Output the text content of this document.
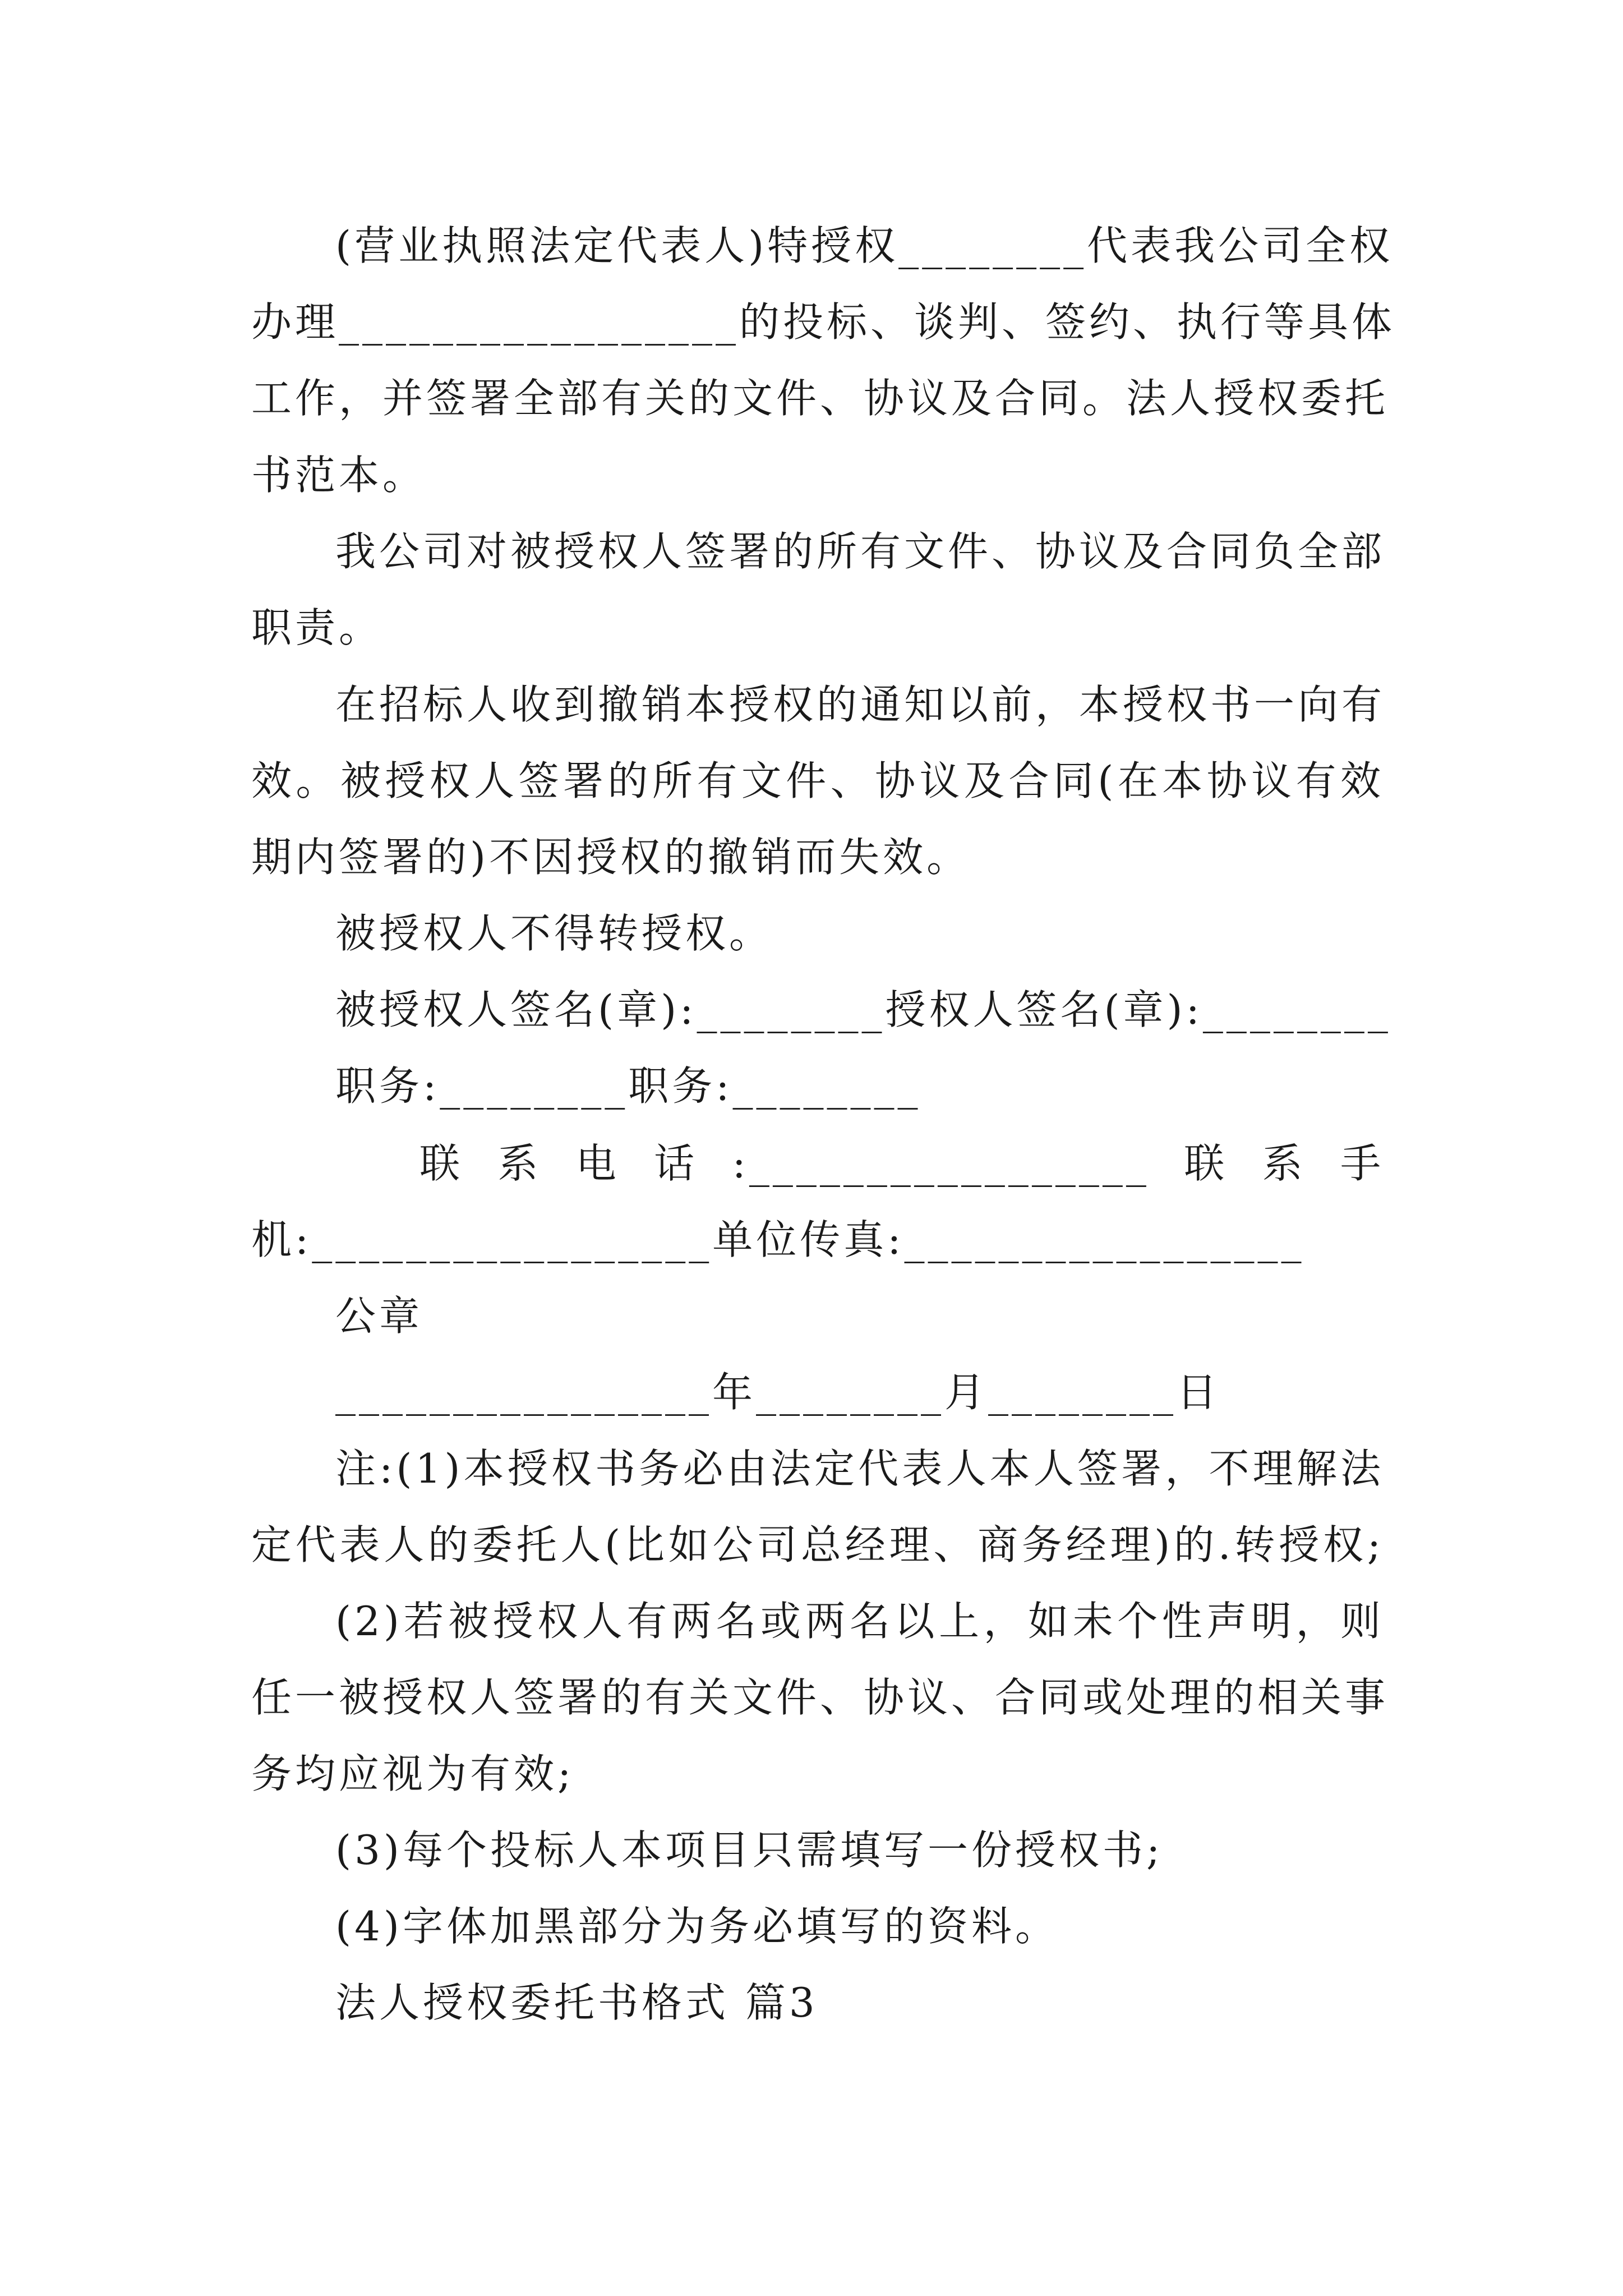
(营业执照法定代表人)特授权________代表我公司全权
办理_________________的投标、谈判、签约、执行等具体
工作，并签署全部有关的文件、协议及合同。法人授权委托
书范本。
我公司对被授权人签署的所有文件、协议及合同负全部
职责。
在招标人收到撤销本授权的通知以前，本授权书一向有
效。被授权人签署的所有文件、协议及合同(在本协议有效
期内签署的)不因授权的撤销而失效。
被授权人不得转授权。
被授权人签名(章):________授权人签名(章):________
职务:________职务:________
联系电话:_________________联系手
机:_________________单位传真:_________________
公章
________________年________月________日
注:(1)本授权书务必由法定代表人本人签署，不理解法
定代表人的委托人(比如公司总经理、商务经理)的.转授权;
(2)若被授权人有两名或两名以上，如未个性声明，则
任一被授权人签署的有关文件、协议、合同或处理的相关事
务均应视为有效;
(3)每个投标人本项目只需填写一份授权书;
(4)字体加黑部分为务必填写的资料。
法人授权委托书格式 篇3
